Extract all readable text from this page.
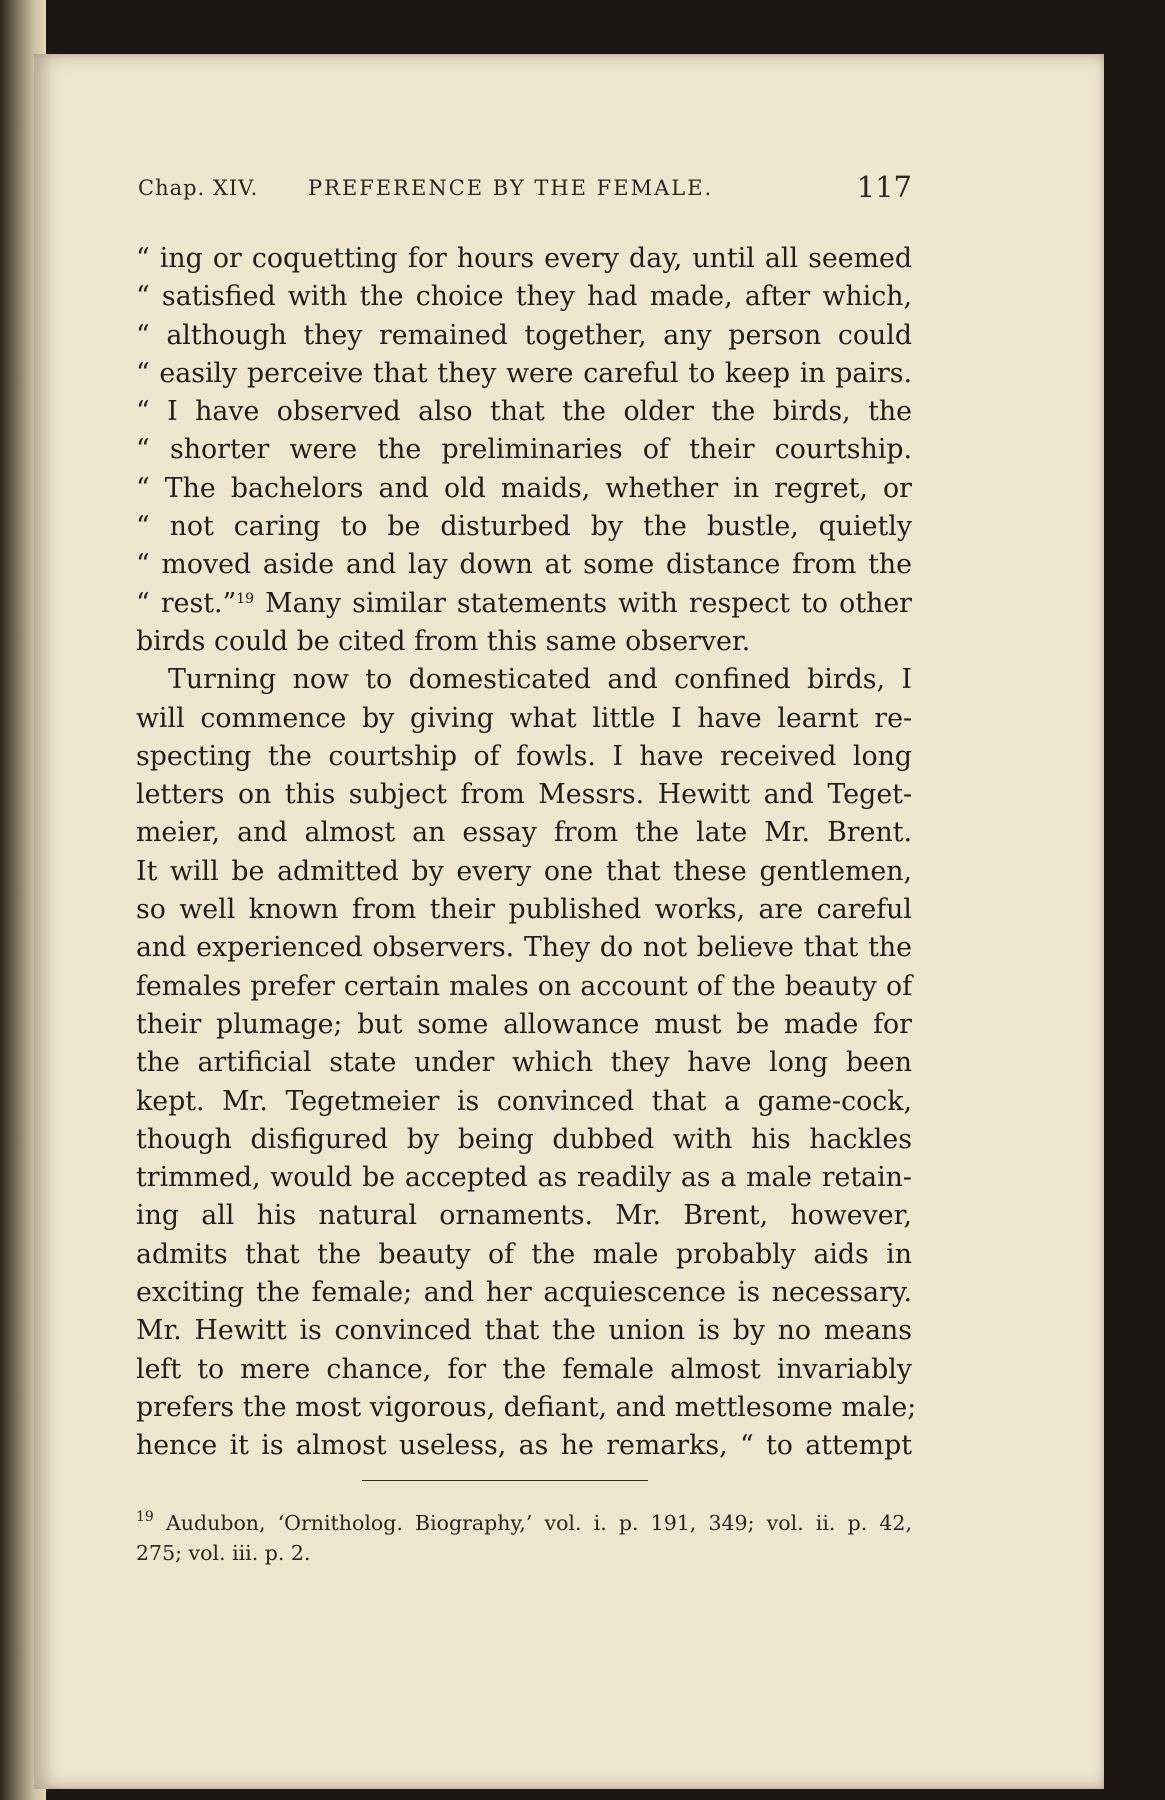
Chap. XIV. PREFERENCE BY THE FEMALE.	117
“ ing or coquetting for hours every day, until all seemed
“ satisfied with the choice they had made, after which,
“ although they remained together, any person could
“ easily perceive that they were careful to keep in pairs.
“ I have observed also that the older the birds, the
“ shorter were the preliminaries of their courtship.
“ The bachelors and old maids, whether in regret, or
“ not caring to be disturbed by the bustle, quietly
“ moved aside and lay down at some distance from the
“ rest.”$^{19}$ Many similar statements with respect to other
birds could be cited from this same observer.
Turning now to domesticated and confined birds, I
will commence by giving what little I have learnt re-
specting the courtship of fowls. I have received long
letters on this subject from Messrs. Hewitt and Teget-
meier, and almost an essay from the late Mr. Brent.
It will be admitted by every one that these gentlemen,
so well known from their published works, are careful
and experienced observers. They do not believe that the
females prefer certain males on account of the beauty of
their plumage; but some allowance must be made for
the artificial state under which they have long been
kept. Mr. Tegetmeier is convinced that a game-cock,
though disfigured by being dubbed with his hackles
trimmed, would be accepted as readily as a male retain-
ing all his natural ornaments. Mr. Brent, however,
admits that the beauty of the male probably aids in
exciting the female; and her acquiescence is necessary.
Mr. Hewitt is convinced that the union is by no means
left to mere chance, for the female almost invariably
prefers the most vigorous, defiant, and mettlesome male;
hence it is almost useless, as he remarks, “ to attempt
$^{19}$ Audubon, ‘Ornitholog. Biography,’ vol. i. p. 191, 349; vol. ii. p. 42,
275; vol. iii. p. 2.
